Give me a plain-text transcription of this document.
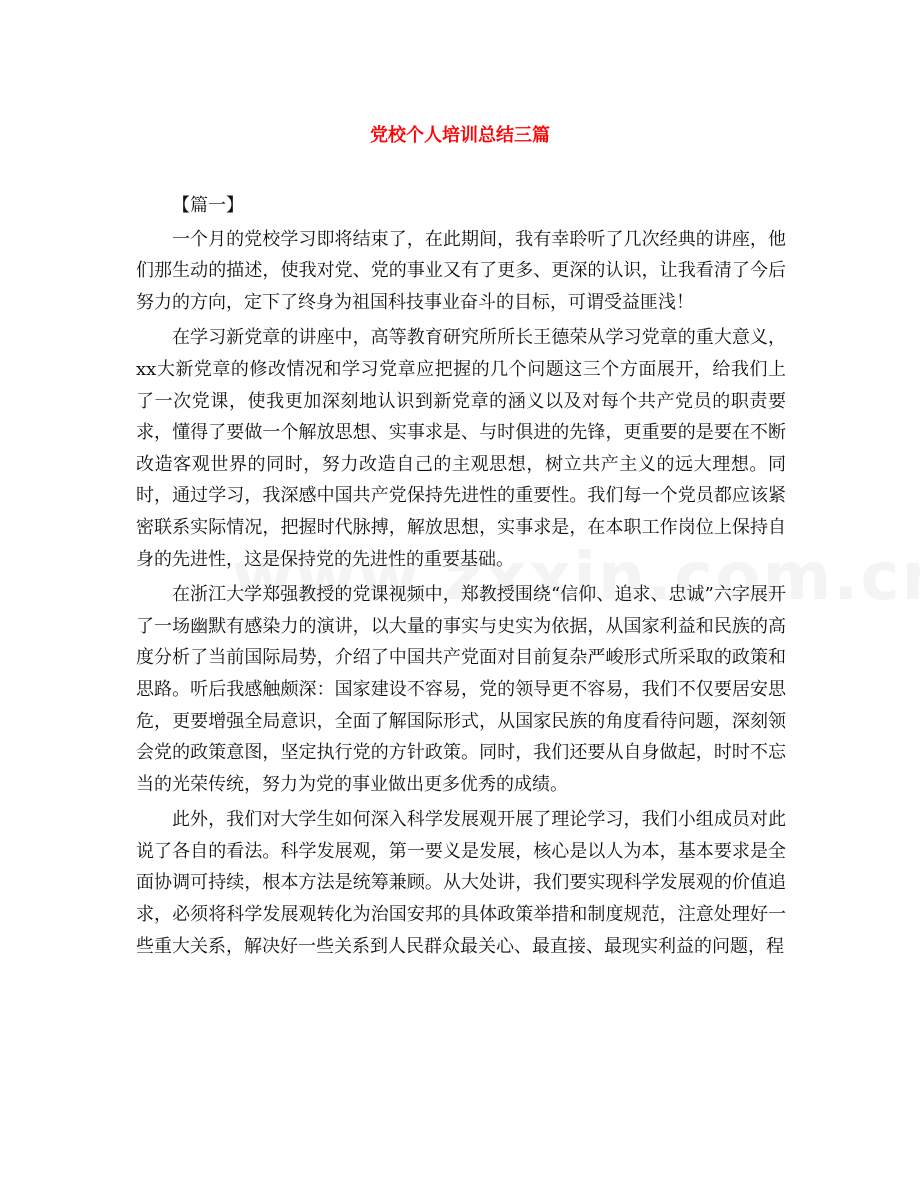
党校个人培训总结三篇

【篇一】

一个月的党校学习即将结束了，在此期间，我有幸聆听了几次经典的讲座，他们那生动的描述，使我对党、党的事业又有了更多、更深的认识，让我看清了今后努力的方向，定下了终身为祖国科技事业奋斗的目标，可谓受益匪浅！

在学习新党章的讲座中，高等教育研究所所长王德荣从学习党章的重大意义，xx大新党章的修改情况和学习党章应把握的几个问题这三个方面展开，给我们上了一次党课，使我更加深刻地认识到新党章的涵义以及对每个共产党员的职责要求，懂得了要做一个解放思想、实事求是、与时俱进的先锋，更重要的是要在不断改造客观世界的同时，努力改造自己的主观思想，树立共产主义的远大理想。同时，通过学习，我深感中国共产党保持先进性的重要性。我们每一个党员都应该紧密联系实际情况，把握时代脉搏，解放思想，实事求是，在本职工作岗位上保持自身的先进性，这是保持党的先进性的重要基础。

在浙江大学郑强教授的党课视频中，郑教授围绕“信仰、追求、忠诚”六字展开了一场幽默有感染力的演讲，以大量的事实与史实为依据，从国家利益和民族的高度分析了当前国际局势，介绍了中国共产党面对目前复杂严峻形式所采取的政策和思路。听后我感触颇深：国家建设不容易，党的领导更不容易，我们不仅要居安思危，更要增强全局意识，全面了解国际形式，从国家民族的角度看待问题，深刻领会党的政策意图，坚定执行党的方针政策。同时，我们还要从自身做起，时时不忘当的光荣传统，努力为党的事业做出更多优秀的成绩。

此外，我们对大学生如何深入科学发展观开展了理论学习，我们小组成员对此说了各自的看法。科学发展观，第一要义是发展，核心是以人为本，基本要求是全面协调可持续，根本方法是统筹兼顾。从大处讲，我们要实现科学发展观的价值追求，必须将科学发展观转化为治国安邦的具体政策举措和制度规范，注意处理好一些重大关系，解决好一些关系到人民群众最关心、最直接、最现实利益的问题，程
